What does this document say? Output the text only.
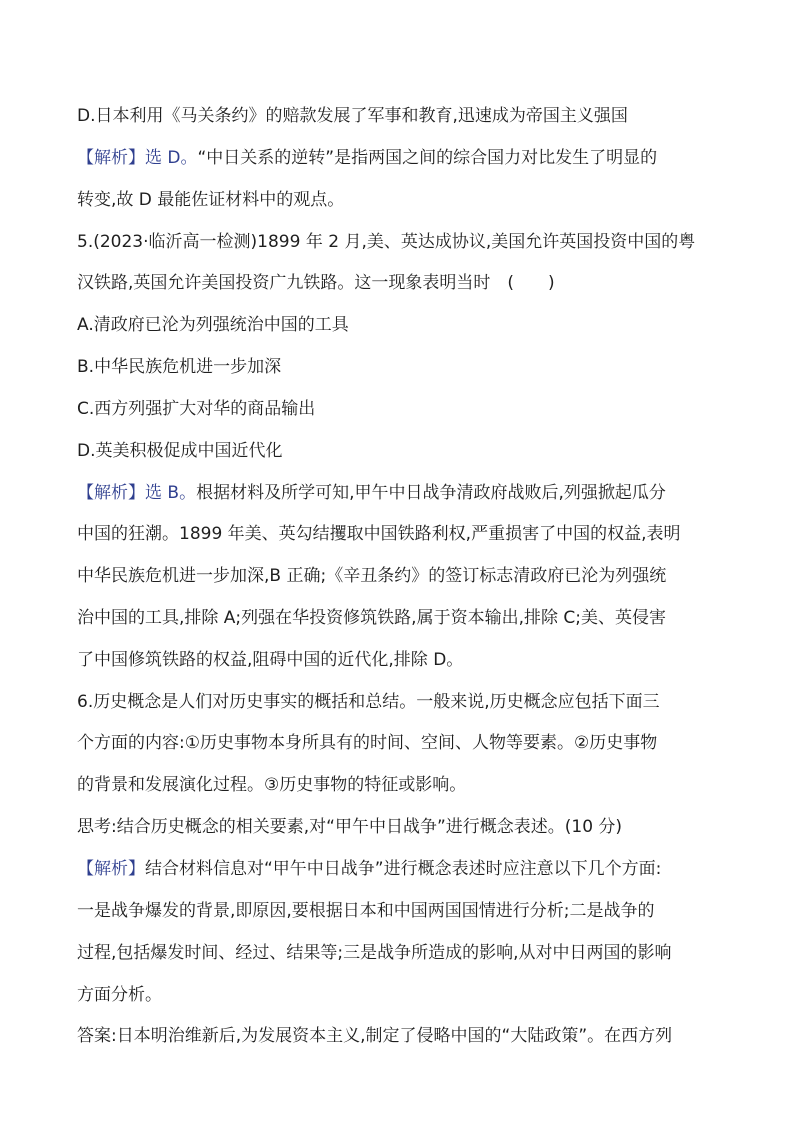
D.日本利用《马关条约》的赔款发展了军事和教育,迅速成为帝国主义强国
【解析】选 D。“中日关系的逆转”是指两国之间的综合国力对比发生了明显的
转变,故 D 最能佐证材料中的观点。
5.(2023·临沂高一检测)1899 年 2 月,美、英达成协议,美国允许英国投资中国的粤
汉铁路,英国允许美国投资广九铁路。这一现象表明当时　(　　)
A.清政府已沦为列强统治中国的工具
B.中华民族危机进一步加深
C.西方列强扩大对华的商品输出
D.英美积极促成中国近代化
【解析】选 B。根据材料及所学可知,甲午中日战争清政府战败后,列强掀起瓜分
中国的狂潮。1899 年美、英勾结攫取中国铁路利权,严重损害了中国的权益,表明
中华民族危机进一步加深,B 正确;《辛丑条约》的签订标志清政府已沦为列强统
治中国的工具,排除 A;列强在华投资修筑铁路,属于资本输出,排除 C;美、英侵害
了中国修筑铁路的权益,阻碍中国的近代化,排除 D。
6.历史概念是人们对历史事实的概括和总结。一般来说,历史概念应包括下面三
个方面的内容:①历史事物本身所具有的时间、空间、人物等要素。②历史事物
的背景和发展演化过程。③历史事物的特征或影响。
思考:结合历史概念的相关要素,对“甲午中日战争”进行概念表述。(10 分)
【解析】结合材料信息对“甲午中日战争”进行概念表述时应注意以下几个方面:
一是战争爆发的背景,即原因,要根据日本和中国两国国情进行分析;二是战争的
过程,包括爆发时间、经过、结果等;三是战争所造成的影响,从对中日两国的影响
方面分析。
答案:日本明治维新后,为发展资本主义,制定了侵略中国的“大陆政策”。在西方列
